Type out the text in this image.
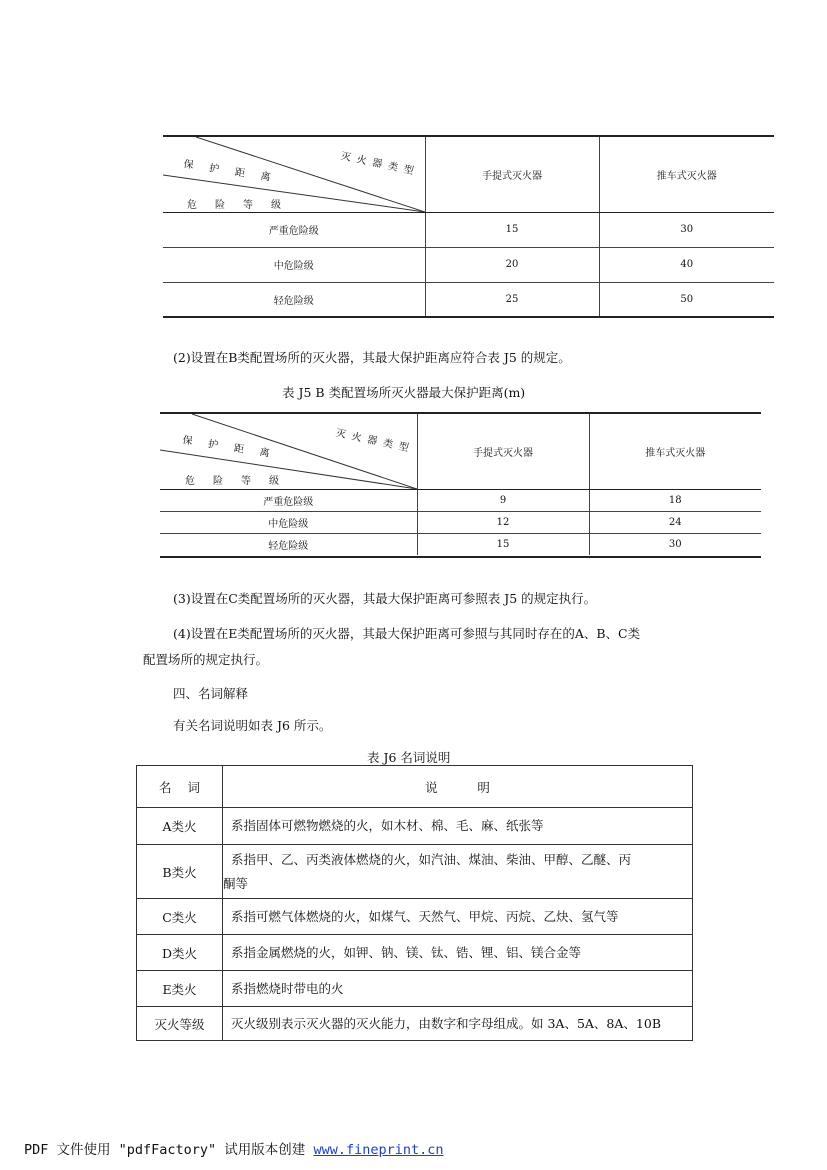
灭火器类型
保护距离
危险等级
	手提式灭火器	推车式灭火器
严重危险级	15	30
中危险级	20	40
轻危险级	25	50
(2)设置在B类配置场所的灭火器，其最大保护距离应符合表 J5 的规定。
表 J5 B 类配置场所灭火器最大保护距离(m)
灭火器类型
保护距离
危险等级
	手提式灭火器	推车式灭火器
严重危险级	9	18
中危险级	12	24
轻危险级	15	30
(3)设置在C类配置场所的灭火器，其最大保护距离可参照表 J5 的规定执行。
(4)设置在E类配置场所的灭火器，其最大保护距离可参照与其同时存在的A、B、C类
配置场所的规定执行。
四、名词解释
有关名词说明如表 J6 所示。
表 J6 名词说明
名    词	说          明
A类火	系指固体可燃物燃烧的火，如木材、棉、毛、麻、纸张等
B类火	系指甲、乙、丙类液体燃烧的火，如汽油、煤油、柴油、甲醇、乙醚、丙
酮等

C类火	系指可燃气体燃烧的火，如煤气、天然气、甲烷、丙烷、乙炔、氢气等
D类火	系指金属燃烧的火，如钾、钠、镁、钛、锆、锂、铝、镁合金等
E类火	系指燃烧时带电的火
灭火等级	灭火级别表示灭火器的灭火能力，由数字和字母组成。如 3A、5A、8A、10B
PDF 文件使用 "pdfFactory" 试用版本创建 www.fineprint.cn
